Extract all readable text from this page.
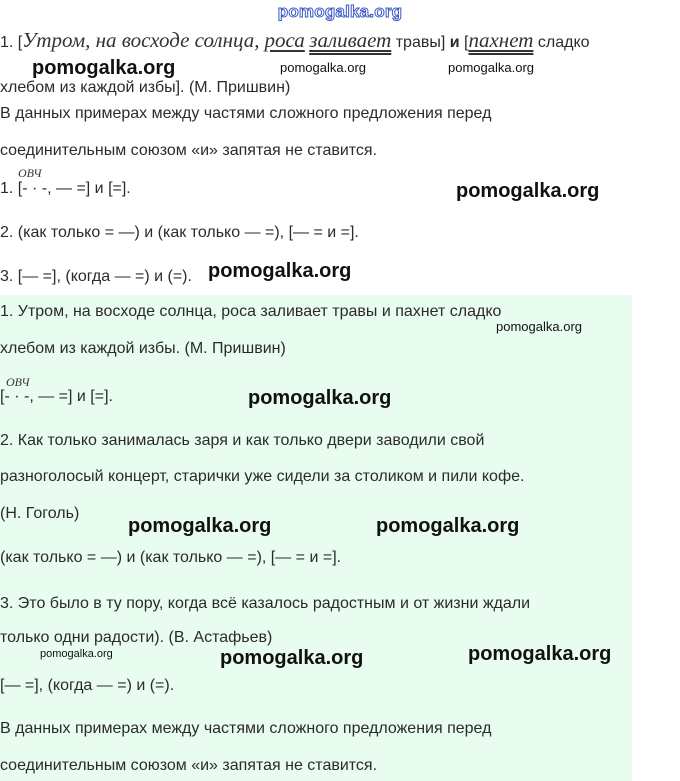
pomogalka.org
1. [Утром, на восходе солнца, роса заливает травы] и [пахнет сладко
pomogalka.org	pomogalka.org	pomogalka.org
хлебом из каждой избы]. (М. Пришвин)
В данных примерах между частями сложного предложения перед
соединительным союзом «и» запятая не ставится.
ОВЧ
1. [- · -, — =] и [=].	pomogalka.org
2. (как только = —) и (как только — =), [— = и =].
3. [— =], (когда — =) и (=). pomogalka.org
1. Утром, на восходе солнца, роса заливает травы и пахнет сладко
pomogalka.org
хлебом из каждой избы. (М. Пришвин)
ОВЧ
[- · -, — =] и [=].	pomogalka.org
2. Как только занималась заря и как только двери заводили свой
разноголосый концерт, старички уже сидели за столиком и пили кофе.
(Н. Гоголь)
pomogalka.org	pomogalka.org
(как только = —) и (как только — =), [— = и =].
3. Это было в ту пору, когда всё казалось радостным и от жизни ждали
только одни радости). (В. Астафьев)
pomogalka.org	pomogalka.org	pomogalka.org
[— =], (когда — =) и (=).
В данных примерах между частями сложного предложения перед
соединительным союзом «и» запятая не ставится.
